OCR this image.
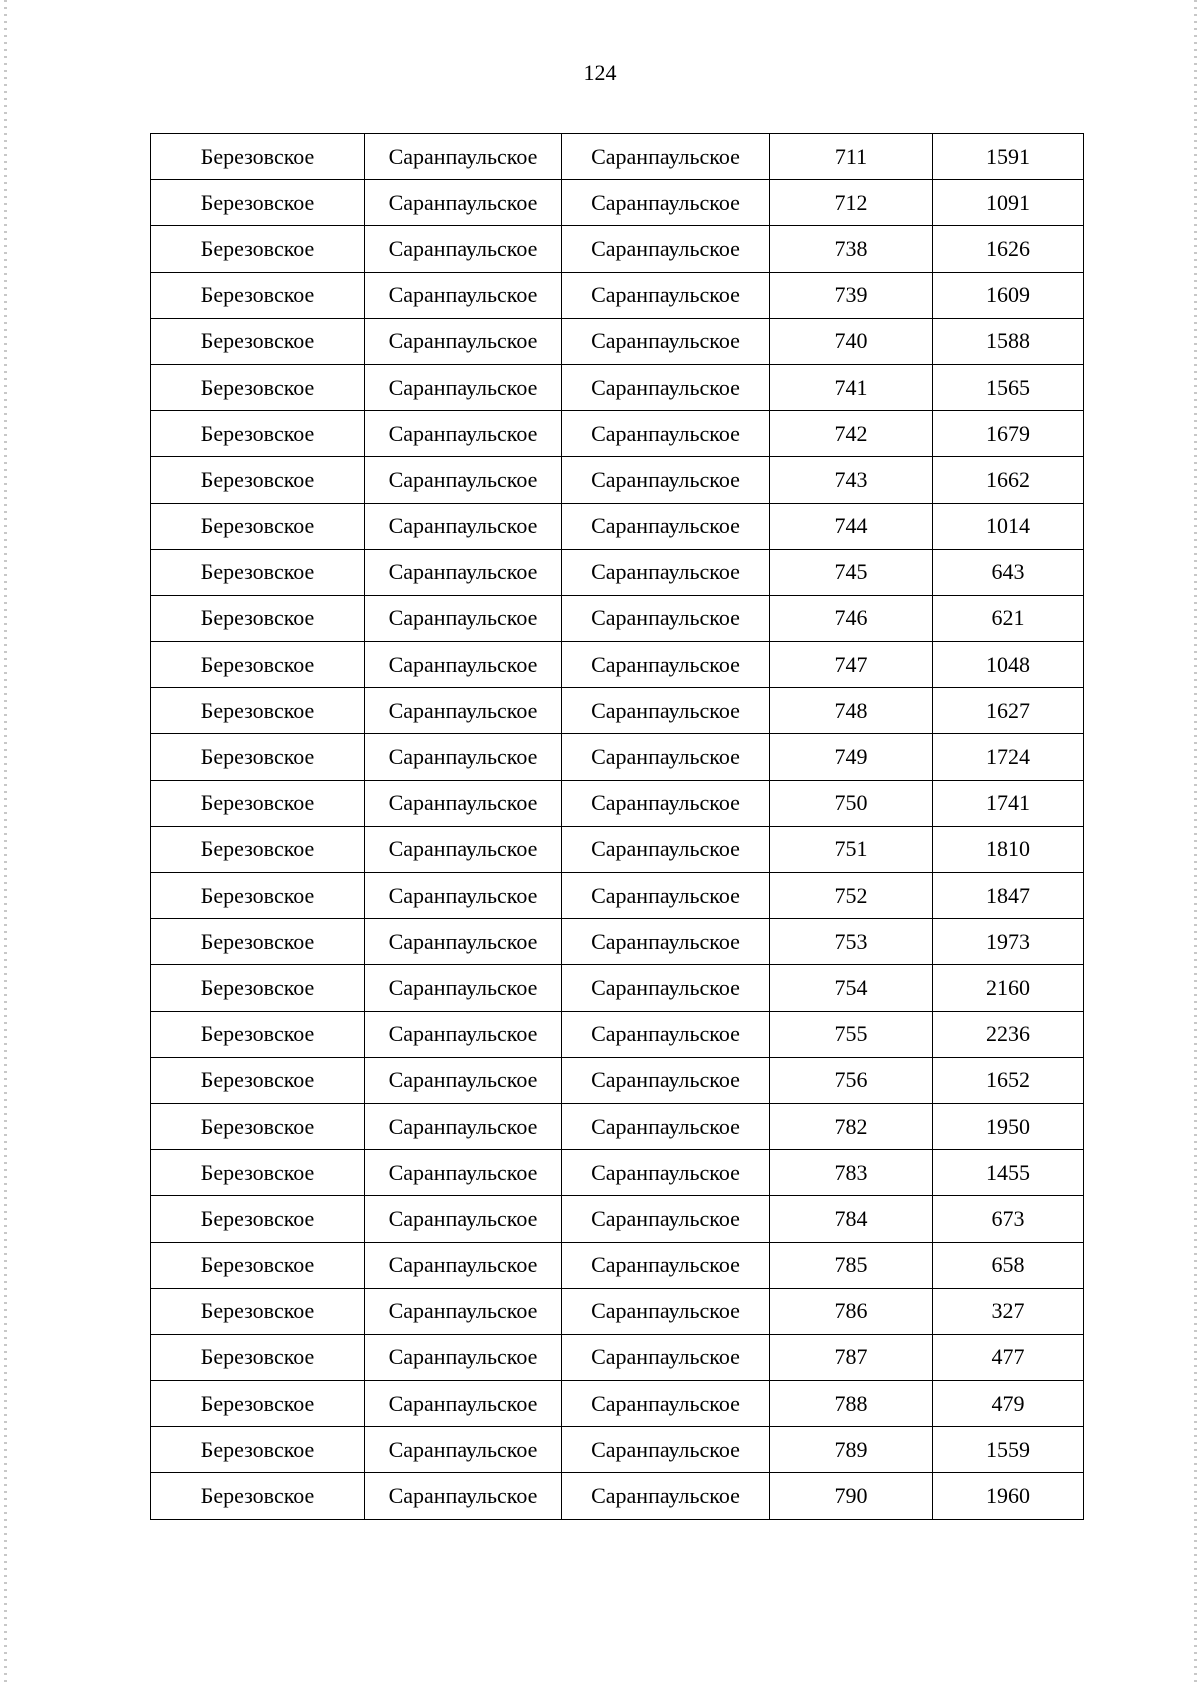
124
Березовское	Саранпаульское	Саранпаульское	711	1591
Березовское	Саранпаульское	Саранпаульское	712	1091
Березовское	Саранпаульское	Саранпаульское	738	1626
Березовское	Саранпаульское	Саранпаульское	739	1609
Березовское	Саранпаульское	Саранпаульское	740	1588
Березовское	Саранпаульское	Саранпаульское	741	1565
Березовское	Саранпаульское	Саранпаульское	742	1679
Березовское	Саранпаульское	Саранпаульское	743	1662
Березовское	Саранпаульское	Саранпаульское	744	1014
Березовское	Саранпаульское	Саранпаульское	745	643
Березовское	Саранпаульское	Саранпаульское	746	621
Березовское	Саранпаульское	Саранпаульское	747	1048
Березовское	Саранпаульское	Саранпаульское	748	1627
Березовское	Саранпаульское	Саранпаульское	749	1724
Березовское	Саранпаульское	Саранпаульское	750	1741
Березовское	Саранпаульское	Саранпаульское	751	1810
Березовское	Саранпаульское	Саранпаульское	752	1847
Березовское	Саранпаульское	Саранпаульское	753	1973
Березовское	Саранпаульское	Саранпаульское	754	2160
Березовское	Саранпаульское	Саранпаульское	755	2236
Березовское	Саранпаульское	Саранпаульское	756	1652
Березовское	Саранпаульское	Саранпаульское	782	1950
Березовское	Саранпаульское	Саранпаульское	783	1455
Березовское	Саранпаульское	Саранпаульское	784	673
Березовское	Саранпаульское	Саранпаульское	785	658
Березовское	Саранпаульское	Саранпаульское	786	327
Березовское	Саранпаульское	Саранпаульское	787	477
Березовское	Саранпаульское	Саранпаульское	788	479
Березовское	Саранпаульское	Саранпаульское	789	1559
Березовское	Саранпаульское	Саранпаульское	790	1960
